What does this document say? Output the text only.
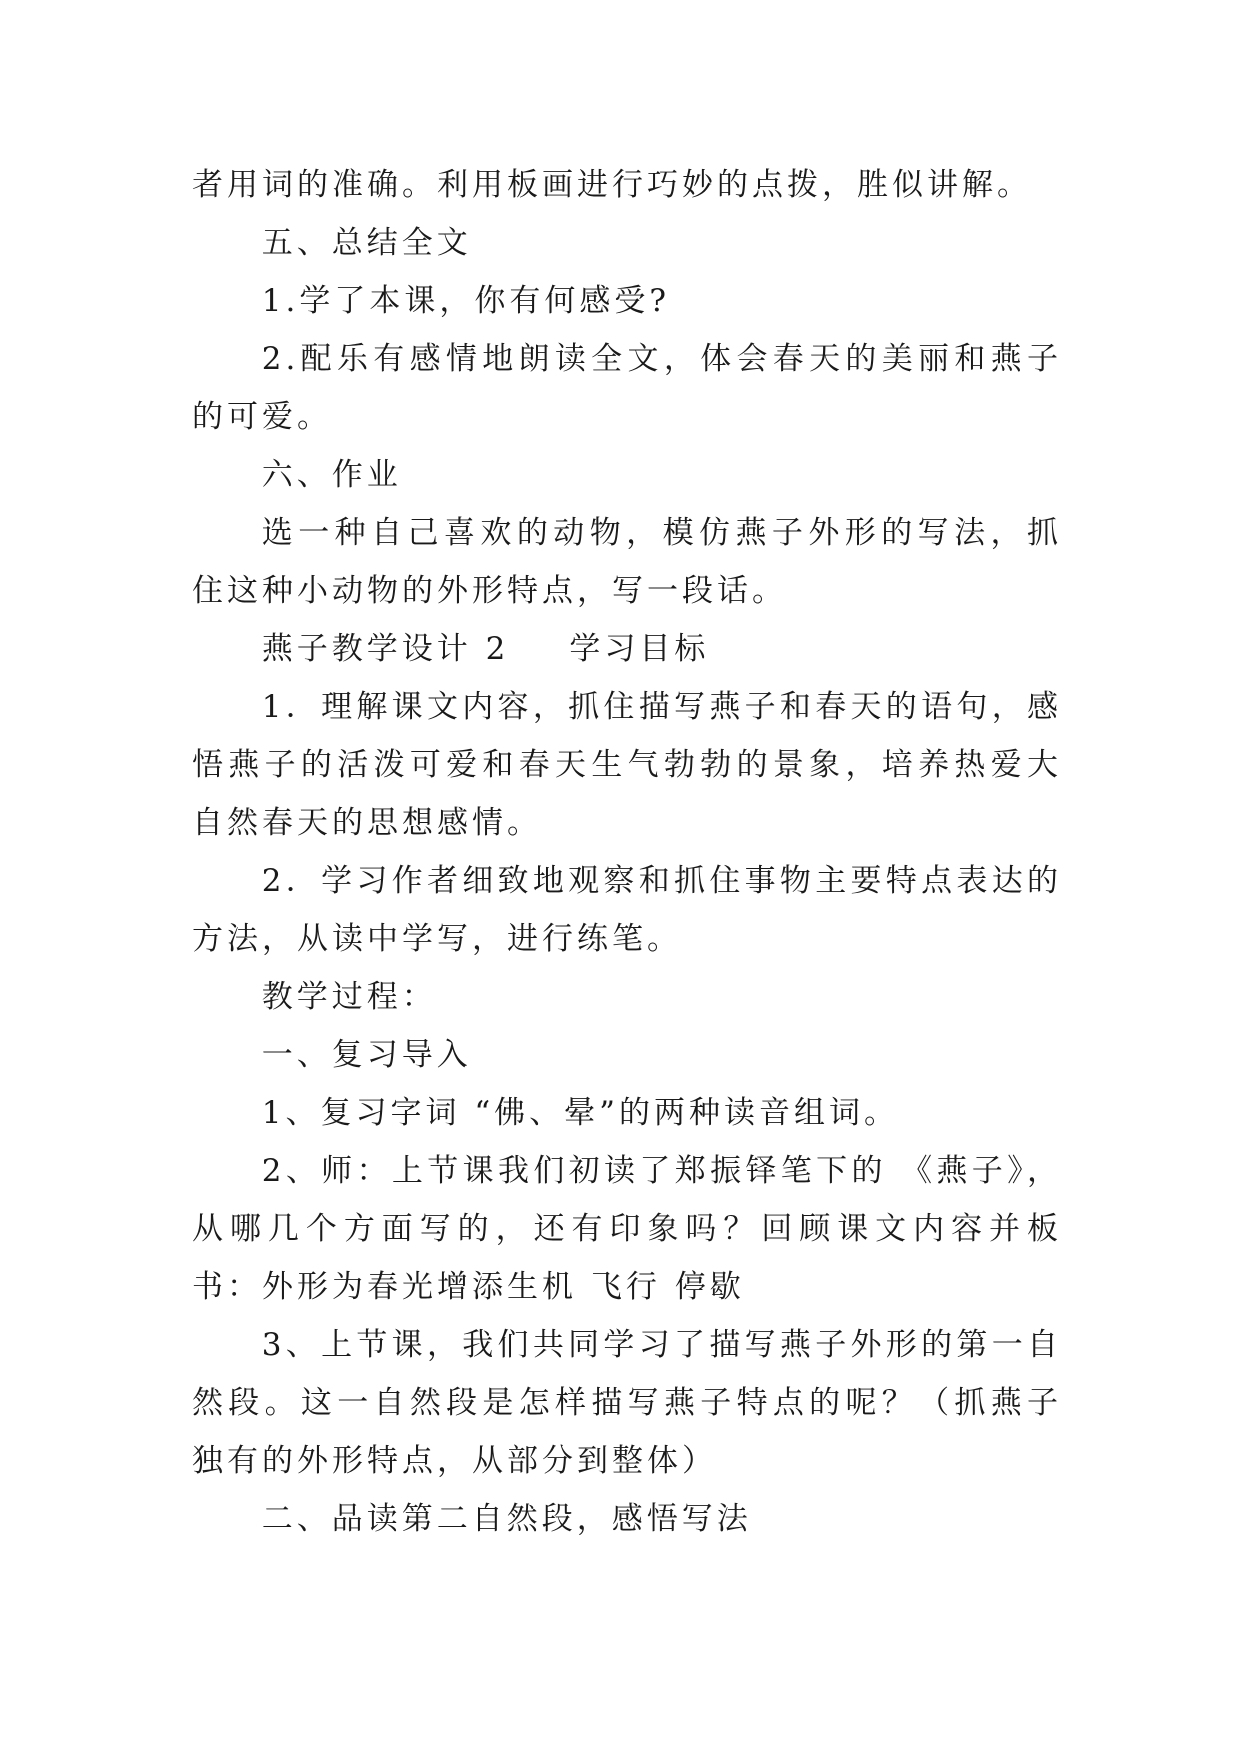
者用词的准确。利用板画进行巧妙的点拨，胜似讲解。

五、总结全文

1.学了本课，你有何感受?

2.配乐有感情地朗读全文，体会春天的美丽和燕子的可爱。

六、作业

选一种自己喜欢的动物，模仿燕子外形的写法，抓住这种小动物的外形特点，写一段话。

燕子教学设计 2 学习目标

1．理解课文内容，抓住描写燕子和春天的语句，感悟燕子的活泼可爱和春天生气勃勃的景象，培养热爱大自然春天的思想感情。

2．学习作者细致地观察和抓住事物主要特点表达的方法，从读中学写，进行练笔。

教学过程：

一、复习导入

1、复习字词 “佛、晕”的两种读音组词。

2、师：上节课我们初读了郑振铎笔下的 《燕子》，从哪几个方面写的，还有印象吗？回顾课文内容并板书：外形为春光增添生机 飞行 停歇

3、上节课，我们共同学习了描写燕子外形的第一自然段。这一自然段是怎样描写燕子特点的呢？（抓燕子独有的外形特点，从部分到整体）

二、品读第二自然段，感悟写法
